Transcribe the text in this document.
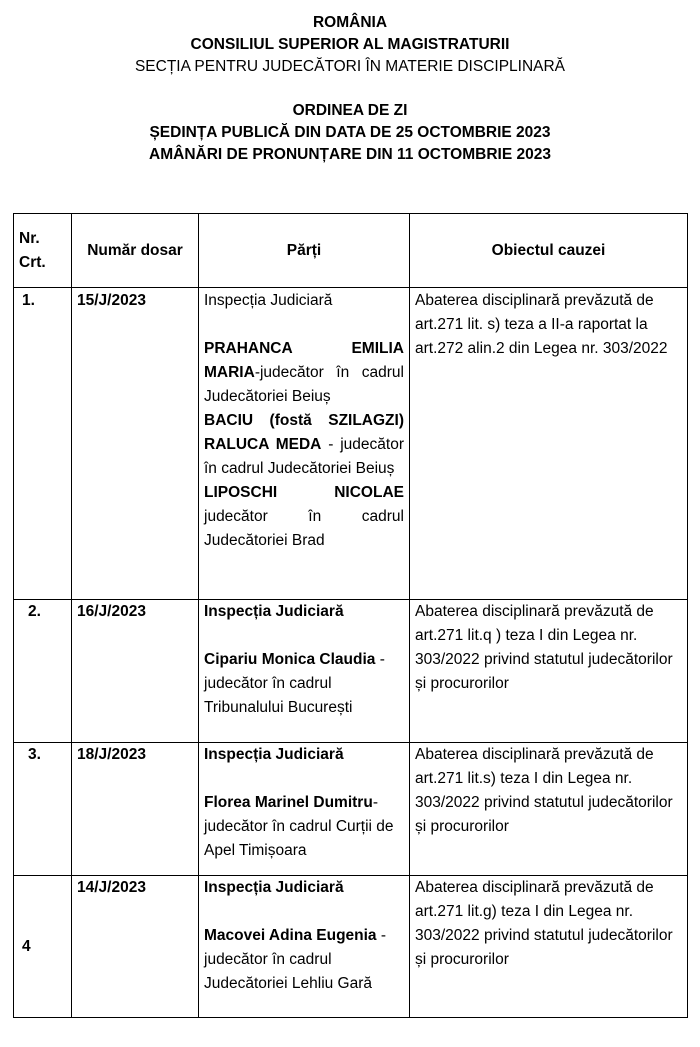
ROMÂNIA
CONSILIUL SUPERIOR AL MAGISTRATURII
SECȚIA PENTRU JUDECĂTORI ÎN MATERIE DISCIPLINARĂ
ORDINEA DE ZI
ȘEDINȚA PUBLICĂ DIN DATA DE 25 OCTOMBRIE 2023
AMÂNĂRI DE PRONUNȚARE DIN 11 OCTOMBRIE 2023
Nr.
Crt.	Număr dosar	Părți	Obiectul cauzei
1.	15/J/2023	Inspecția Judiciară
PRAHANCA EMILIA MARIA-judecător în cadrul Judecătoriei Beiuș
BACIU (fostă SZILAGZI) RALUCA MEDA - judecător în cadrul Judecătoriei Beiuș
LIPOSCHI NICOLAE judecător în cadrul Judecătoriei Brad	Abaterea disciplinară prevăzută de art.271 lit. s) teza a II-a raportat la art.272 alin.2 din Legea nr. 303/2022
2.	16/J/2023	Inspecția Judiciară
Cipariu Monica Claudia - judecător în cadrul Tribunalului București	Abaterea disciplinară prevăzută de art.271 lit.q ) teza I din Legea nr. 303/2022 privind statutul judecătorilor și procurorilor
3.	18/J/2023	Inspecția Judiciară
Florea Marinel Dumitru- judecător în cadrul Curții de Apel Timișoara	Abaterea disciplinară prevăzută de art.271 lit.s) teza I din Legea nr. 303/2022 privind statutul judecătorilor și procurorilor
4	14/J/2023	Inspecția Judiciară
Macovei Adina Eugenia - judecător în cadrul Judecătoriei Lehliu Gară	Abaterea disciplinară prevăzută de art.271 lit.g) teza I din Legea nr. 303/2022 privind statutul judecătorilor și procurorilor
